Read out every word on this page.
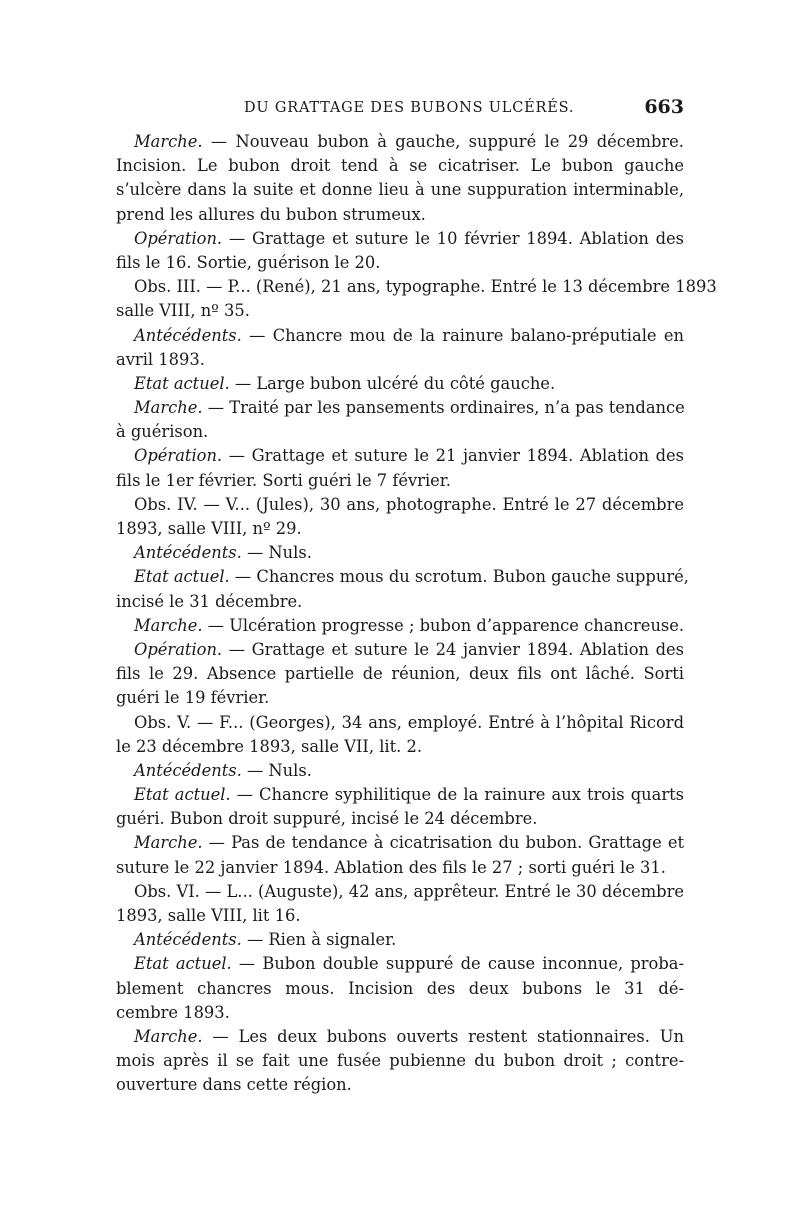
DU GRATTAGE DES BUBONS ULCÉRÉS.	663
Marche. — Nouveau bubon à gauche, suppuré le 29 décembre.
Incision. Le bubon droit tend à se cicatriser. Le bubon gauche
s’ulcère dans la suite et donne lieu à une suppuration interminable,
prend les allures du bubon strumeux.
Opération. — Grattage et suture le 10 février 1894. Ablation des
fils le 16. Sortie, guérison le 20.
Obs. III. — P... (René), 21 ans, typographe. Entré le 13 décembre 1893
salle VIII, nº 35.
Antécédents. — Chancre mou de la rainure balano-préputiale en
avril 1893.
Etat actuel. — Large bubon ulcéré du côté gauche.
Marche. — Traité par les pansements ordinaires, n’a pas tendance
à guérison.
Opération. — Grattage et suture le 21 janvier 1894. Ablation des
fils le 1er février. Sorti guéri le 7 février.
Obs. IV. — V... (Jules), 30 ans, photographe. Entré le 27 décembre
1893, salle VIII, nº 29.
Antécédents. — Nuls.
Etat actuel. — Chancres mous du scrotum. Bubon gauche suppuré,
incisé le 31 décembre.
Marche. — Ulcération progresse ; bubon d’apparence chancreuse.
Opération. — Grattage et suture le 24 janvier 1894. Ablation des
fils le 29. Absence partielle de réunion, deux fils ont lâché. Sorti
guéri le 19 février.
Obs. V. — F... (Georges), 34 ans, employé. Entré à l’hôpital Ricord
le 23 décembre 1893, salle VII, lit. 2.
Antécédents. — Nuls.
Etat actuel. — Chancre syphilitique de la rainure aux trois quarts
guéri. Bubon droit suppuré, incisé le 24 décembre.
Marche. — Pas de tendance à cicatrisation du bubon. Grattage et
suture le 22 janvier 1894. Ablation des fils le 27 ; sorti guéri le 31.
Obs. VI. — L... (Auguste), 42 ans, apprêteur. Entré le 30 décembre
1893, salle VIII, lit 16.
Antécédents. — Rien à signaler.
Etat actuel. — Bubon double suppuré de cause inconnue, proba-
blement chancres mous. Incision des deux bubons le 31 dé-
cembre 1893.
Marche. — Les deux bubons ouverts restent stationnaires. Un
mois après il se fait une fusée pubienne du bubon droit ; contre-
ouverture dans cette région.
